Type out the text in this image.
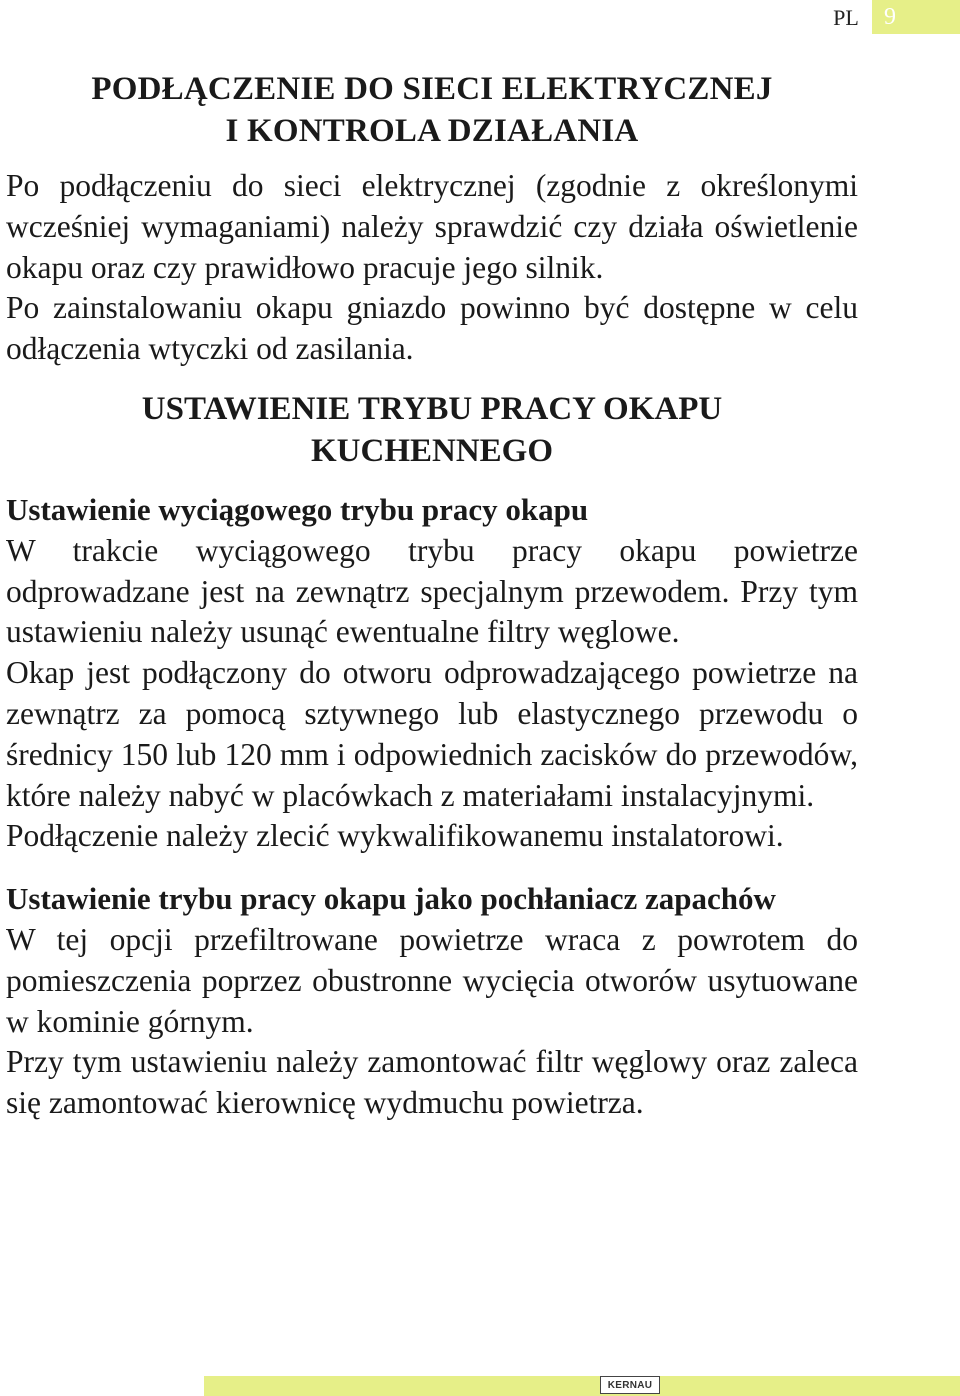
PL	9
PODŁĄCZENIE DO SIECI ELEKTRYCZNEJ
I KONTROLA DZIAŁANIA

Po podłączeniu do sieci elektrycznej (zgodnie z określonymi wcześniej wymaganiami) należy sprawdzić czy działa oświetlenie okapu oraz czy prawidłowo pracuje jego silnik.

Po zainstalowaniu okapu gniazdo powinno być dostępne w celu odłączenia wtyczki od zasilania.

USTAWIENIE TRYBU PRACY OKAPU
KUCHENNEGO

Ustawienie wyciągowego trybu pracy okapu

W trakcie wyciągowego trybu pracy okapu powietrze odprowadzane jest na zewnątrz specjalnym przewodem. Przy tym ustawieniu należy usunąć ewentualne filtry węglowe.

Okap jest podłączony do otworu odprowadzającego powietrze na zewnątrz za pomocą sztywnego lub elastycznego przewodu o średnicy 150 lub 120 mm i odpowiednich zacisków do przewodów, które należy nabyć w placówkach z materiałami instalacyjnymi.

Podłączenie należy zlecić wykwalifikowanemu instalatorowi.

Ustawienie trybu pracy okapu jako pochłaniacz zapachów

W tej opcji przefiltrowane powietrze wraca z powrotem do pomieszczenia poprzez obustronne wycięcia otworów usytuowane w kominie górnym.

Przy tym ustawieniu należy zamontować filtr węglowy oraz zaleca się zamontować kierownicę wydmuchu powietrza.

KERNAU
